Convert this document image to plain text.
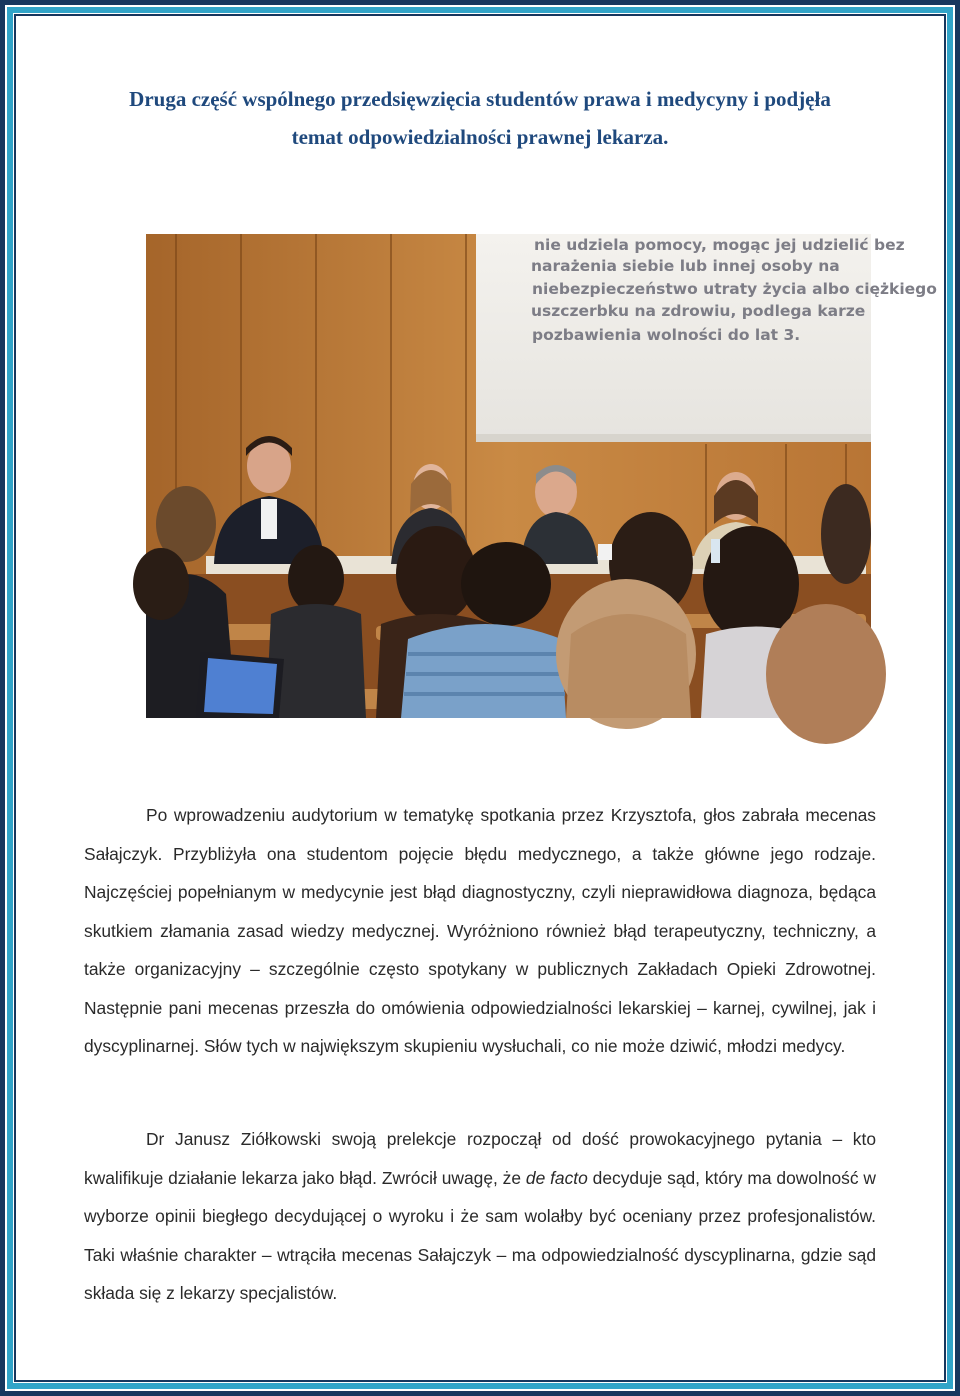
Druga część wspólnego przedsięwzięcia studentów prawa i medycyny i podjęła
temat odpowiedzialności prawnej lekarza.
nie udziela pomocy, mogąc jej udzielić bez
narażenia siebie lub innej osoby na
niebezpieczeństwo utraty życia albo ciężkiego
uszczerbku na zdrowiu, podlega karze
pozbawienia wolności do lat 3.

Po wprowadzeniu audytorium w tematykę spotkania przez Krzysztofa, głos zabrała mecenas Sałajczyk. Przybliżyła ona studentom pojęcie błędu medycznego, a także główne jego rodzaje. Najczęściej popełnianym w medycynie jest błąd diagnostyczny, czyli nieprawidłowa diagnoza, będąca skutkiem złamania zasad wiedzy medycznej. Wyróżniono również błąd terapeutyczny, techniczny, a także organizacyjny – szczególnie często spotykany w publicznych Zakładach Opieki Zdrowotnej. Następnie pani mecenas przeszła do omówienia odpowiedzialności lekarskiej – karnej, cywilnej, jak i dyscyplinarnej. Słów tych w największym skupieniu wysłuchali, co nie może dziwić, młodzi medycy.

Dr Janusz Ziółkowski swoją prelekcje rozpoczął od dość prowokacyjnego pytania – kto kwalifikuje działanie lekarza jako błąd. Zwrócił uwagę, że de facto decyduje sąd, który ma dowolność w wyborze opinii biegłego decydującej o wyroku i że sam wolałby być oceniany przez profesjonalistów. Taki właśnie charakter – wtrąciła mecenas Sałajczyk – ma odpowiedzialność dyscyplinarna, gdzie sąd składa się z lekarzy specjalistów.
